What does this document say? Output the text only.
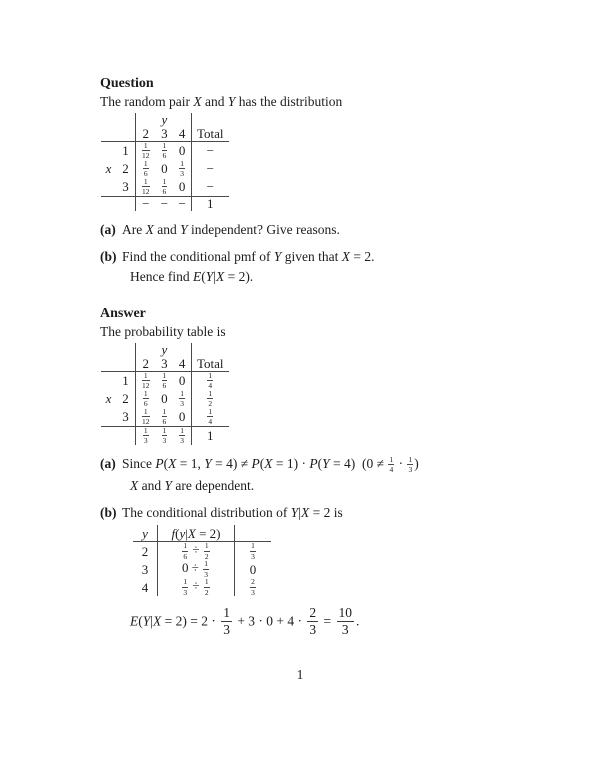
Question
The random pair X and Y has the distribution
			y		
		2	3	4	Total
	1	$\frac{1}{12}$	$\frac{1}{6}$	0	−
x	2	$\frac{1}{6}$	0	$\frac{1}{3}$	−
	3	$\frac{1}{12}$	$\frac{1}{6}$	0	−
		−	−	−	1
(a) Are X and Y independent? Give reasons.
(b) Find the conditional pmf of Y given that X = 2.
Hence find E(Y|X = 2).
Answer
The probability table is
			y		
		2	3	4	Total
	1	$\frac{1}{12}$	$\frac{1}{6}$	0	$\frac{1}{4}$

x	2	$\frac{1}{6}$	0	$\frac{1}{3}$	$\frac{1}{2}$

	3	$\frac{1}{12}$	$\frac{1}{6}$	0	$\frac{1}{4}$

		$\frac{1}{3}$	$\frac{1}{3}$	$\frac{1}{3}$	1
(a) Since P(X = 1, Y = 4) ≠ P(X = 1) · P(Y = 4)  ($0 \ne \frac{1}{4} \cdot \frac{1}{3}$ )
X and Y are dependent.
(b) The conditional distribution of Y|X = 2 is
y	f(y|X = 2)	
2	$\frac{1}{6} \div \frac{1}{2}$	$\frac{1}{3}$

3	$0 \div \frac{1}{3}$	0
4	$\frac{1}{3} \div \frac{1}{2}$	$\frac{2}{3}$
$E(Y|X = 2) = 2 \cdot \frac{1}{3} + 3 \cdot 0 + 4 \cdot \frac{2}{3} = \frac{10}{3}$ .
1
